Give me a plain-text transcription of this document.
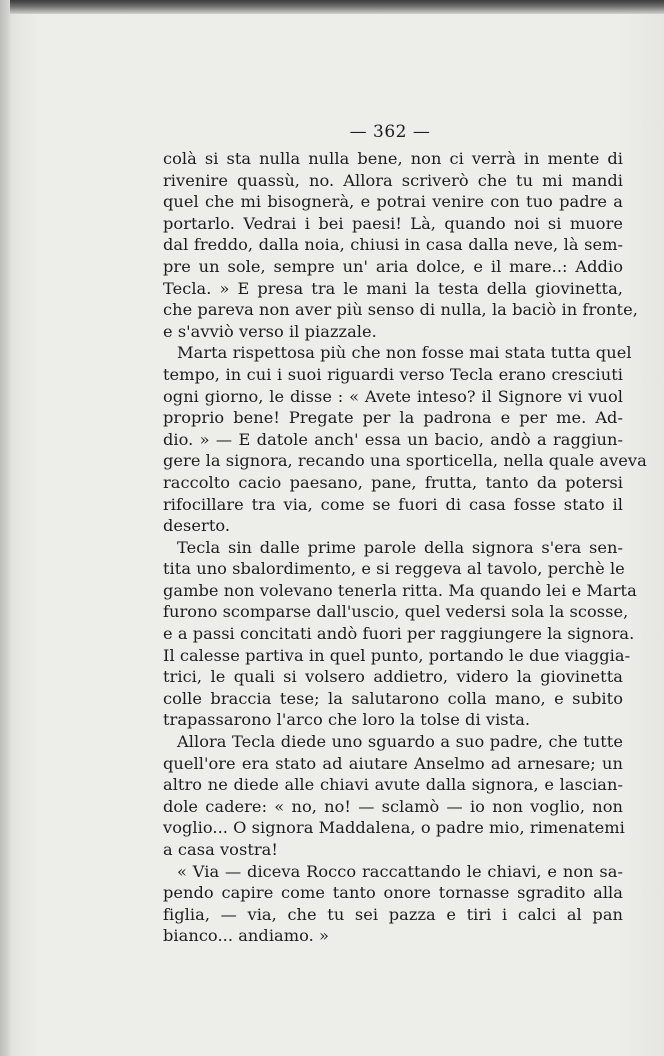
— 362 —
colà si sta nulla nulla bene, non ci verrà in mente di
rivenire quassù, no. Allora scriverò che tu mi mandi
quel che mi bisognerà, e potrai venire con tuo padre a
portarlo. Vedrai i bei paesi! Là, quando noi si muore
dal freddo, dalla noia, chiusi in casa dalla neve, là sem-
pre un sole, sempre un' aria dolce, e il mare..: Addio
Tecla. » E presa tra le mani la testa della giovinetta,
che pareva non aver più senso di nulla, la baciò in fronte,
e s'avviò verso il piazzale.
Marta rispettosa più che non fosse mai stata tutta quel
tempo, in cui i suoi riguardi verso Tecla erano cresciuti
ogni giorno, le disse : « Avete inteso? il Signore vi vuol
proprio bene! Pregate per la padrona e per me. Ad-
dio. » — E datole anch' essa un bacio, andò a raggiun-
gere la signora, recando una sporticella, nella quale aveva
raccolto cacio paesano, pane, frutta, tanto da potersi
rifocillare tra via, come se fuori di casa fosse stato il
deserto.
Tecla sin dalle prime parole della signora s'era sen-
tita uno sbalordimento, e si reggeva al tavolo, perchè le
gambe non volevano tenerla ritta. Ma quando lei e Marta
furono scomparse dall'uscio, quel vedersi sola la scosse,
e a passi concitati andò fuori per raggiungere la signora.
Il calesse partiva in quel punto, portando le due viaggia-
trici, le quali si volsero addietro, videro la giovinetta
colle braccia tese; la salutarono colla mano, e subito
trapassarono l'arco che loro la tolse di vista.
Allora Tecla diede uno sguardo a suo padre, che tutte
quell'ore era stato ad aiutare Anselmo ad arnesare; un
altro ne diede alle chiavi avute dalla signora, e lascian-
dole cadere: « no, no! — sclamò — io non voglio, non
voglio... O signora Maddalena, o padre mio, rimenatemi
a casa vostra!
« Via — diceva Rocco raccattando le chiavi, e non sa-
pendo capire come tanto onore tornasse sgradito alla
figlia, — via, che tu sei pazza e tiri i calci al pan
bianco... andiamo. »
